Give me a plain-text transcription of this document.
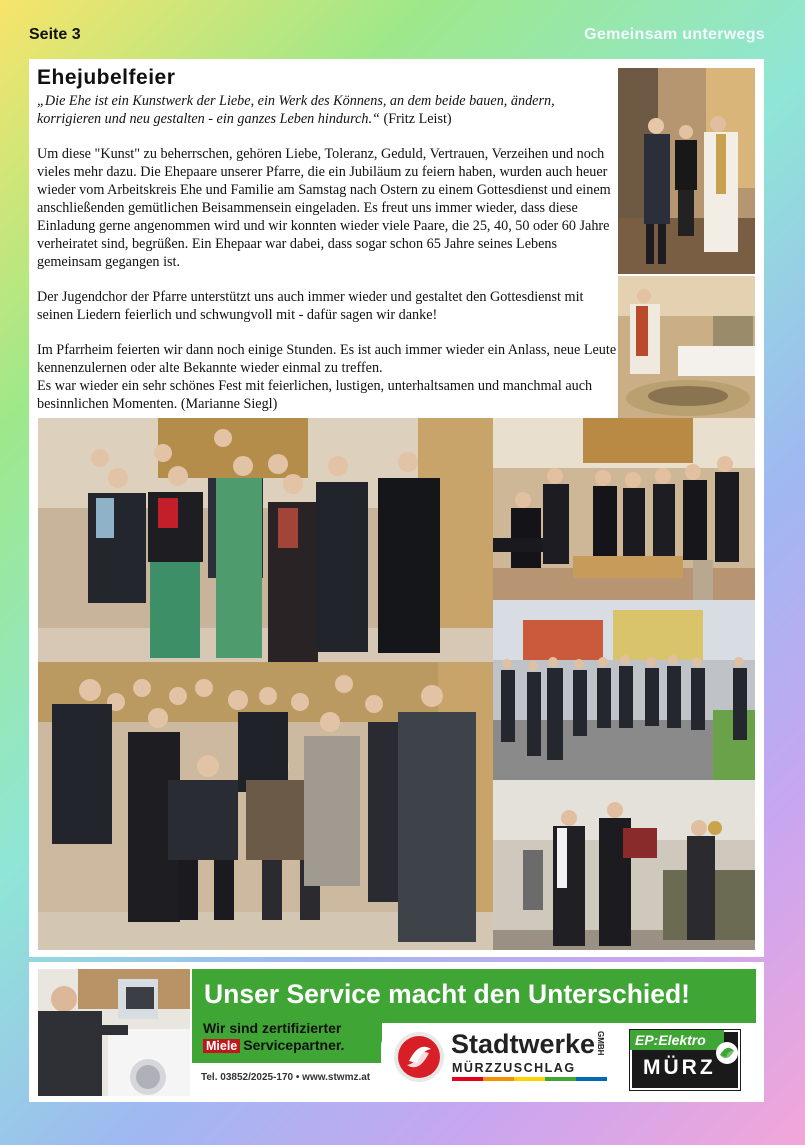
Seite 3	Gemeinsam unterwegs
Ehejubelfeier

„Die Ehe ist ein Kunstwerk der Liebe, ein Werk des Könnens, an dem beide bauen, ändern, korrigieren und neu gestalten - ein ganzes Leben hindurch.“ (Fritz Leist)

Um diese "Kunst" zu beherrschen, gehören Liebe, Toleranz, Geduld, Vertrauen, Verzeihen und noch vieles mehr dazu. Die Ehepaare unserer Pfarre, die ein Jubiläum zu feiern haben, wurden auch heuer wieder vom Arbeitskreis Ehe und Familie am Samstag nach Ostern zu einem Gottesdienst und einem anschließenden gemütlichen Beisammensein eingeladen. Es freut uns immer wieder, dass diese Einladung gerne angenommen wird und wir konnten wieder viele Paare, die 25, 40, 50 oder 60 Jahre verheiratet sind, begrüßen. Ein Ehepaar war dabei, dass sogar schon 65 Jahre seines Lebens gemeinsam gegangen ist.

Der Jugendchor der Pfarre unterstützt uns auch immer wieder und gestaltet den Gottesdienst mit seinen Liedern feierlich und schwungvoll mit - dafür sagen wir danke!

Im Pfarrheim feierten wir dann noch einige Stunden. Es ist auch immer wieder ein Anlass, neue Leute kennenzulernen oder alte Bekannte wieder einmal zu treffen.

Es war wieder ein sehr schönes Fest mit feierlichen, lustigen, unterhaltsamen und manchmal auch besinnlichen Momenten. (Marianne Siegl)

Unser Service macht den Unterschied!
Wir sind zertifizierter
Miele Servicepartner.
Tel. 03852/2025-170 • www.stwmz.at
Stadtwerke
MÜRZZUSCHLAG
GMBH EP:Elektro
MÜRZ
